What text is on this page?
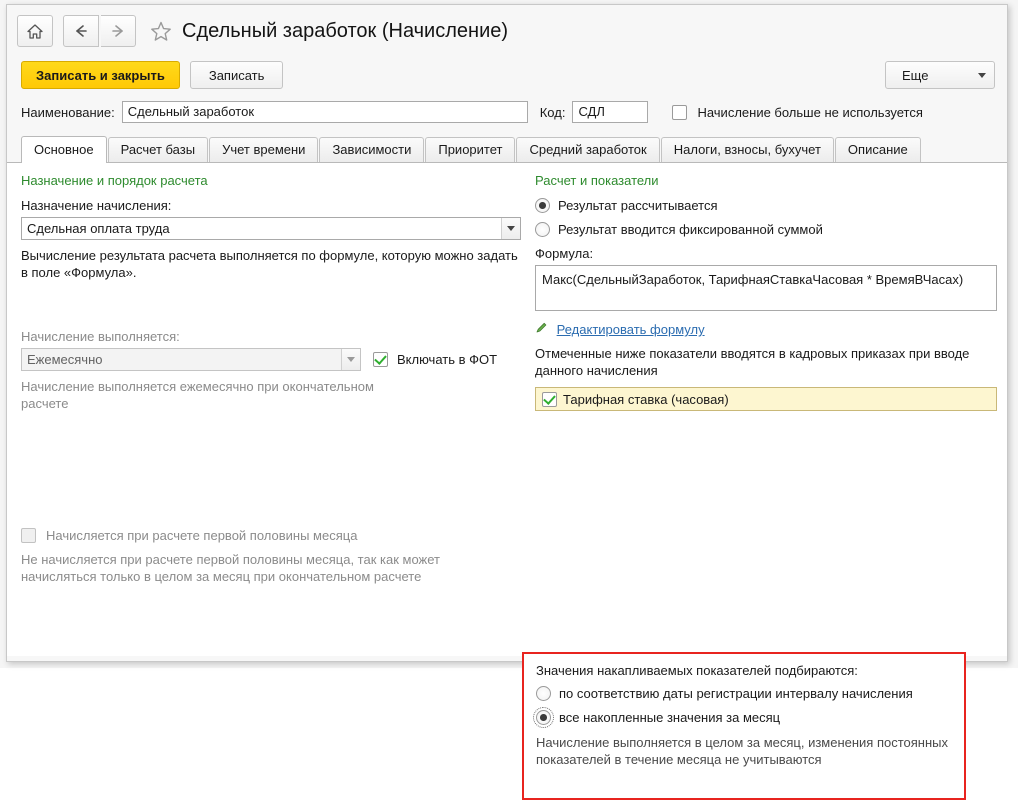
Сдельный заработок (Начисление)
Записать и закрыть	Записать	Еще
Наименование:
Сдельный заработок	Код:
СДЛ	Начисление больше не используется
Основное	Расчет базы	Учет времени	Зависимости	Приоритет	Средний заработок	Налоги, взносы, бухучет	Описание
Назначение и порядок расчета
Назначение начисления:
Сдельная оплата труда
Вычисление результата расчета выполняется по формуле, которую можно задать в поле «Формула».
Начисление выполняется:
Ежемесячно	Включать в ФОТ
Начисление выполняется ежемесячно при окончательном расчете
Начисляется при расчете первой половины месяца
Не начисляется при расчете первой половины месяца, так как может начисляться только в целом за месяц при окончательном расчете
Расчет и показатели
Результат рассчитывается
Результат вводится фиксированной суммой
Формула:
Макс(СдельныйЗаработок, ТарифнаяСтавкаЧасовая * ВремяВЧасах)
Редактировать формулу
Отмеченные ниже показатели вводятся в кадровых приказах при вводе данного начисления
Тарифная ставка (часовая)
Значения накапливаемых показателей подбираются:
по соответствию даты регистрации интервалу начисления
все накопленные значения за месяц
Начисление выполняется в целом за месяц, изменения постоянных показателей в течение месяца не учитываются
